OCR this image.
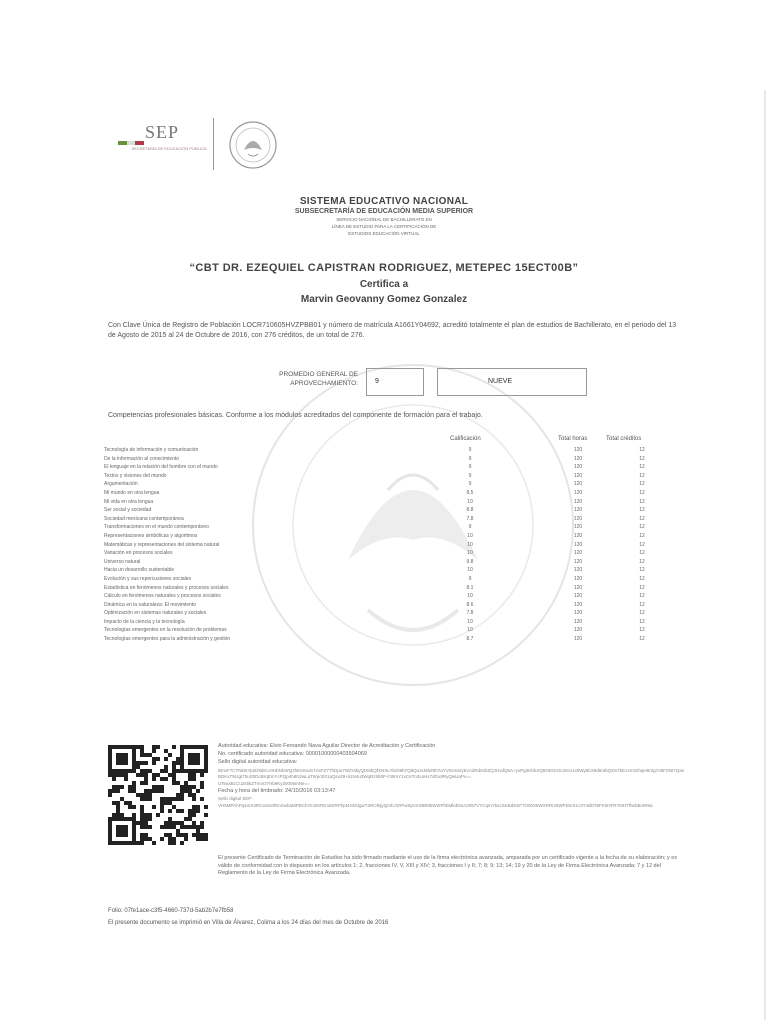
SEP
SECRETARÍA DE EDUCACIÓN PÚBLICA
SISTEMA EDUCATIVO NACIONAL
SUBSECRETARÍA DE EDUCACIÓN MEDIA SUPERIOR
SERVICIO NACIONAL DE BACHILLERATO EN
LÍNEA DE ESTUDIO PARA LA CERTIFICACIÓN DE
ESTUDIOS EDUCACIÓN VIRTUAL
“CBT DR. EZEQUIEL CAPISTRAN RODRIGUEZ, METEPEC 15ECT00B”
Certifica a
Marvin Geovanny Gomez Gonzalez
Con Clave Única de Registro de Población LOCR710605HVZPBB01 y número de matrícula A1661Y04692, acreditó totalmente el plan de estudios de Bachillerato, en el periodo del 13 de Agosto de 2015 al 24 de Octubre de 2016, con 276 créditos, de un total de 276.
PROMEDIO GENERAL DE APROVECHAMIENTO: 9	NUEVE
Competencias profesionales básicas. Conforme a los módulos acreditados del componente de formación para el trabajo.
Calificación	Total horas	Total créditos
Tecnología de información y comunicación	9	120	12
De la información al conocimiento	9	120	12
El lenguaje en la relación del hombre con el mundo	9	120	12
Textos y visiones del mundo	9	120	12
Argumentación	9	120	12
Mi mundo en otra lengua	8.5	120	12
Mi vida en otra lengua	10	120	12
Ser social y sociedad	8.8	120	12
Sociedad mexicana contemporánea	7.8	120	12
Transformaciones en el mundo contemporáneo	9	120	12
Representaciones simbólicas y algoritmos	10	120	12
Matemáticas y representaciones del sistema natural	10	120	12
Variación en procesos sociales	10	120	12
Universo natural	9.8	120	12
Hacia un desarrollo sustentable	10	120	12
Evolución y sus repercusiones sociales	9	120	12
Estadística en fenómenos naturales y procesos sociales	8.1	120	12
Cálculo en fenómenos naturales y procesos sociales	10	120	12
Dinámica en la naturaleza: El movimiento	8.6	120	12
Optimización en sistemas naturales y sociales	7.8	120	12
Impacto de la ciencia y la tecnología	10	120	12
Tecnologías emergentes en la resolución de problemas	10	120	12
Tecnologías emergentes para la administración y gestión	8.7	120	12
Autoridad educativa: Elvio Fernando Nava Aguilar Director de Acreditación y Certificación
No. certificado autoridad educativa: 00001000000403504069
Sello digital autoridad educativa:
BmvF7CTNkt5Yp2D9dKLr0HbNbWQ2hEsSsxS7AsFZ7ThDpu7WZr4byQtX8bQfXNXLYbGt9b7Q8Qu3cM5Z9h7aYVDcK6ryEvAdRd0xbZQJHvdQ6A+yxPg3HhbXQ5NDGtr3c2Ksr1x9Wy6bX8d6ntbQXS7bEzxrmGhqH6r2g7o8FXNt7QaxBDKxT9Ltgt75uS0DcBrqEmYcPQp4h8N2wLaT6/pcE01aQsxZ8+kzN4u3WqRz5b0F+fJ9mY1vCeTn2LkHs7dGx8RyQwUaPv==
UTeaxBcCu2s5kZTmoO7Hb9Ky20006mNe==
Fecha y hora del timbrado: 24/10/2016 03:13:47
Sello digital SEP:
VH5MPAhPq4mX3RCwnSdRmSwbaMPBCh7m2NFEmdXRPhpt4GMJgwT3RCBljyQmhJ1RFwSpVmNBMbWZIPhbMkd0mA2057VYCqmYbxcSKBdSSF7O0hX8WXRRm5WF5SrS1c3T4dDT6FK5HFR7MHTfhebBmR6a
El presente Certificado de Terminación de Estudios ha sido firmado mediante el uso de la firma electrónica avanzada, amparada por un certificado vigente a la fecha de su elaboración; y es válido de conformidad con lo dispuesto en los artículos 1; 2, fracciones IV, V, XIII y XIV; 3, fracciones I y II; 7; 8; 9; 13; 14; 19 y 20 de la Ley de Firma Electrónica Avanzada; 7 y 12 del Reglamento de la Ley de Firma Electrónica Avanzada.
Folio: 07fe1ace-c3f5-4660-737d-5ab2b7e7fb58
El presente documento se imprimió en Villa de Álvarez, Colima a los 24 días del mes de Octubre de 2016
